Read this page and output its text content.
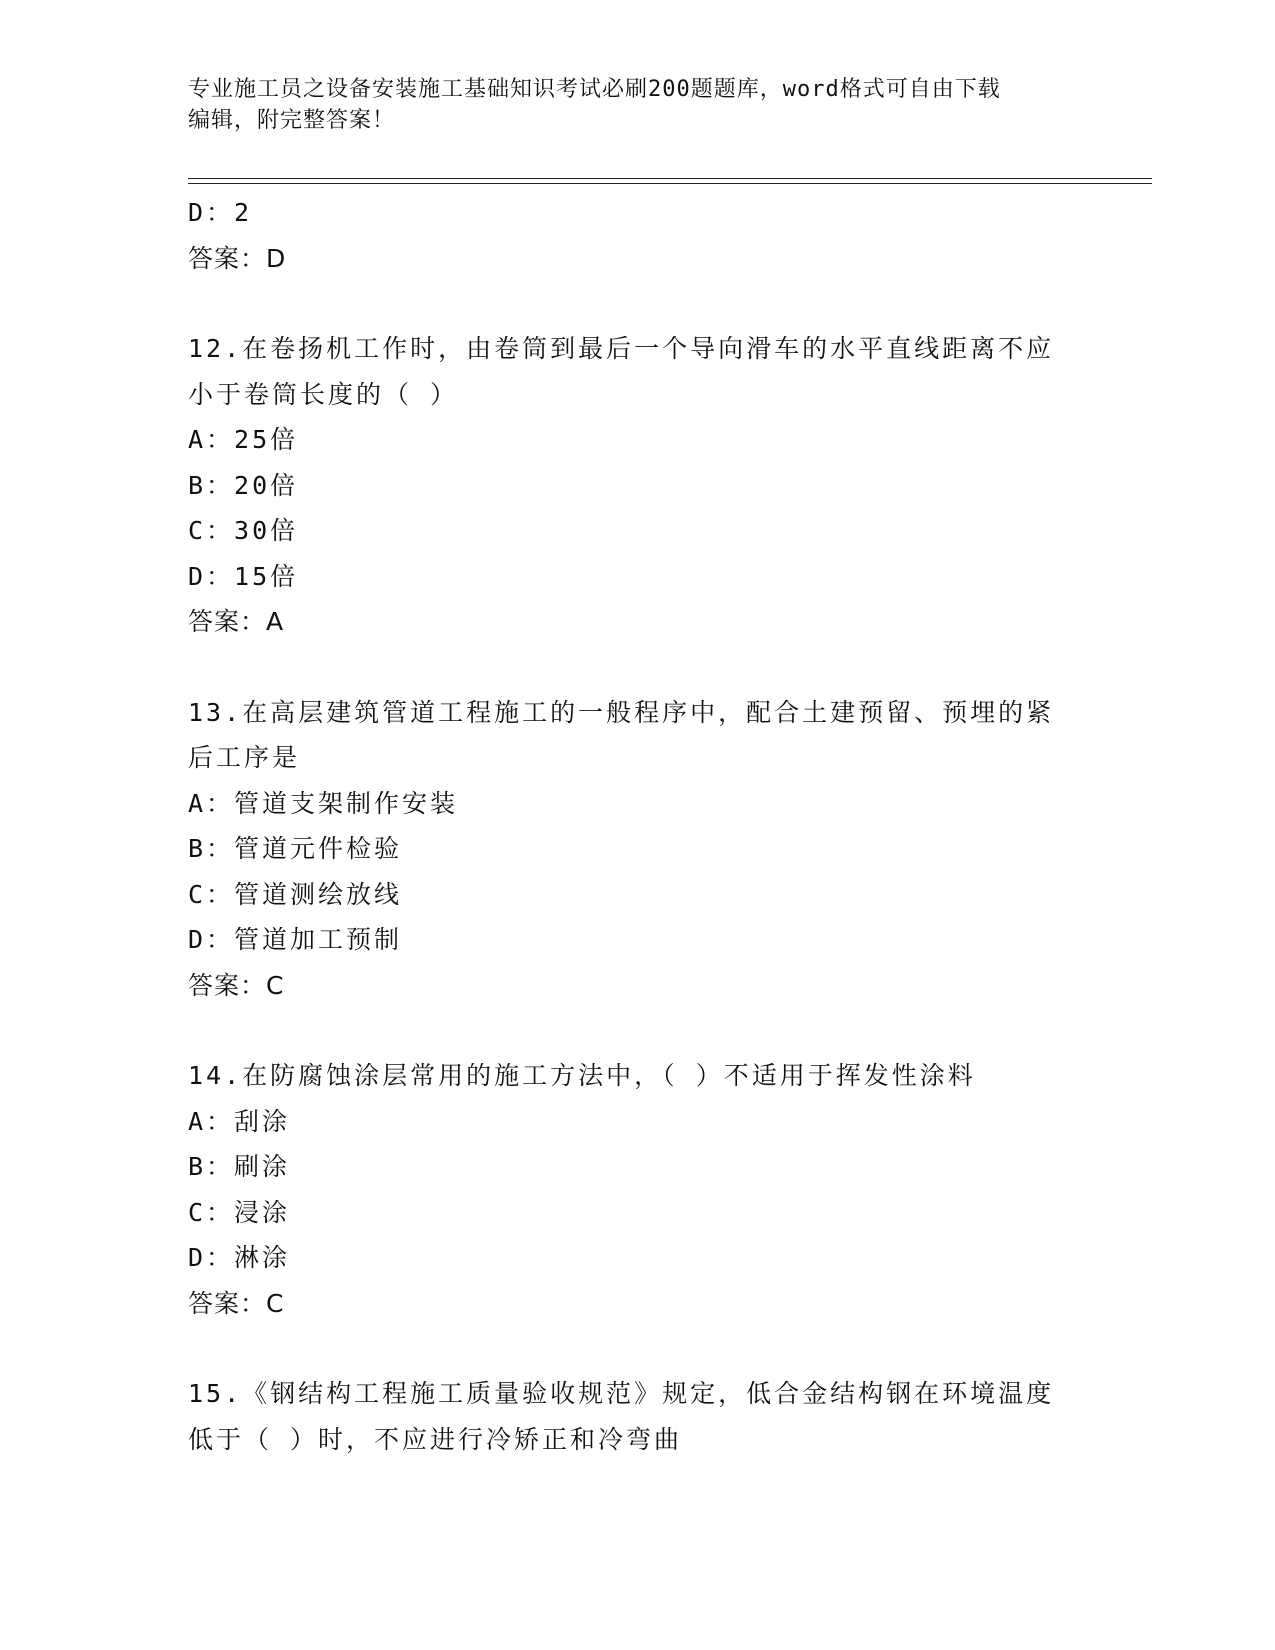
专业施工员之设备安装施工基础知识考试必刷200题题库，word格式可自由下载
编辑，附完整答案！
D：2
答案：D
12.在卷扬机工作时，由卷筒到最后一个导向滑车的水平直线距离不应
小于卷筒长度的（ ）
A：25倍
B：20倍
C：30倍
D：15倍
答案：A
13.在高层建筑管道工程施工的一般程序中，配合土建预留、预埋的紧
后工序是
A：管道支架制作安装
B：管道元件检验
C：管道测绘放线
D：管道加工预制
答案：C
14.在防腐蚀涂层常用的施工方法中，（ ）不适用于挥发性涂料
A：刮涂
B：刷涂
C：浸涂
D：淋涂
答案：C
15.《钢结构工程施工质量验收规范》规定，低合金结构钢在环境温度
低于（ ）时，不应进行冷矫正和冷弯曲
